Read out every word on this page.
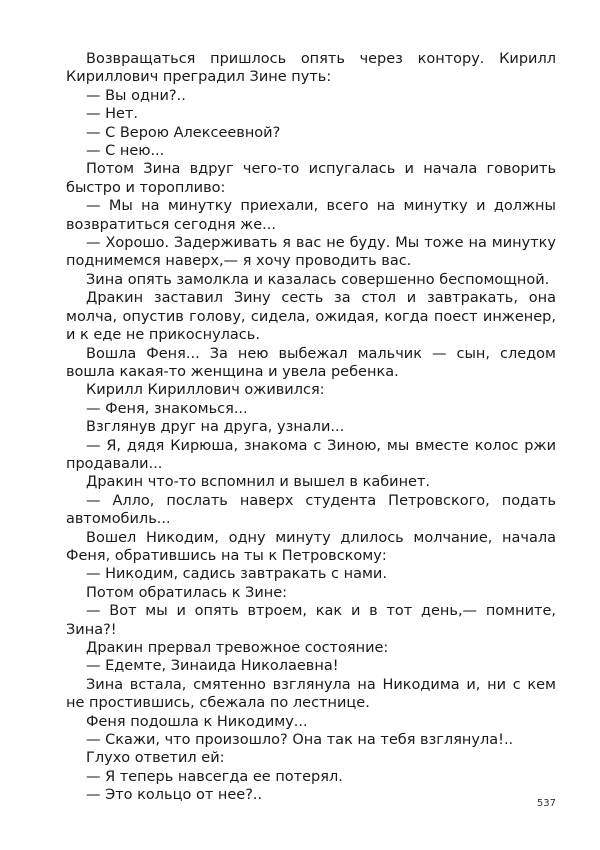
Возвращаться пришлось опять через контору. Кирилл Кириллович преградил Зине путь:

— Вы одни?..

— Нет.

— С Верою Алексеевной?

— С нею...

Потом Зина вдруг чего-то испугалась и начала говорить быстро и торопливо:

— Мы на минутку приехали, всего на минутку и должны возвратиться сегодня же...

— Хорошо. Задерживать я вас не буду. Мы тоже на минутку поднимемся наверх,— я хочу проводить вас.

Зина опять замолкла и казалась совершенно беспомощной.

Дракин заставил Зину сесть за стол и завтракать, она молча, опустив голову, сидела, ожидая, когда поест инженер, и к еде не прикоснулась.

Вошла Феня... За нею выбежал мальчик — сын, следом вошла какая-то женщина и увела ребенка.

Кирилл Кириллович оживился:

— Феня, знакомься...

Взглянув друг на друга, узнали...

— Я, дядя Кирюша, знакома с Зиною, мы вместе колос ржи продавали...

Дракин что-то вспомнил и вышел в кабинет.

— Алло, послать наверх студента Петровского, подать автомобиль...

Вошел Никодим, одну минуту длилось молчание, начала Феня, обратившись на ты к Петровскому:

— Никодим, садись завтракать с нами.

Потом обратилась к Зине:

— Вот мы и опять втроем, как и в тот день,— помните, Зина?!

Дракин прервал тревожное состояние:

— Едемте, Зинаида Николаевна!

Зина встала, смятенно взглянула на Никодима и, ни с кем не простившись, сбежала по лестнице.

Феня подошла к Никодиму...

— Скажи, что произошло? Она так на тебя взглянула!..

Глухо ответил ей:

— Я теперь навсегда ее потерял.

— Это кольцо от нее?..

537
